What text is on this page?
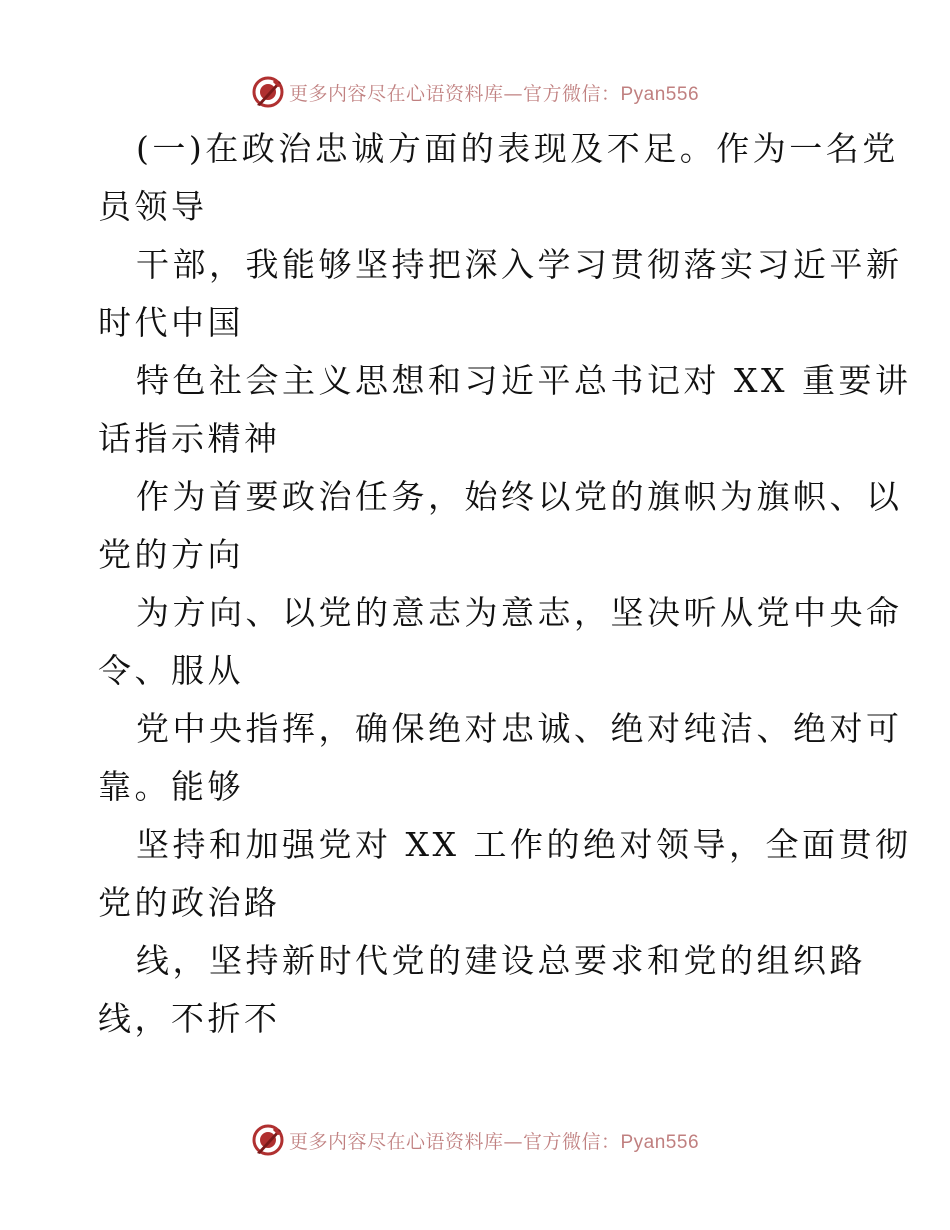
更多内容尽在心语资料库—官方微信：Pyan556
(一)在政治忠诚方面的表现及不足。作为一名党
员领导
干部，我能够坚持把深入学习贯彻落实习近平新
时代中国
特色社会主义思想和习近平总书记对 XX 重要讲
话指示精神
作为首要政治任务，始终以党的旗帜为旗帜、以
党的方向
为方向、以党的意志为意志，坚决听从党中央命
令、服从
党中央指挥，确保绝对忠诚、绝对纯洁、绝对可
靠。能够
坚持和加强党对 XX 工作的绝对领导，全面贯彻
党的政治路
线，坚持新时代党的建设总要求和党的组织路
线，不折不
更多内容尽在心语资料库—官方微信：Pyan556
